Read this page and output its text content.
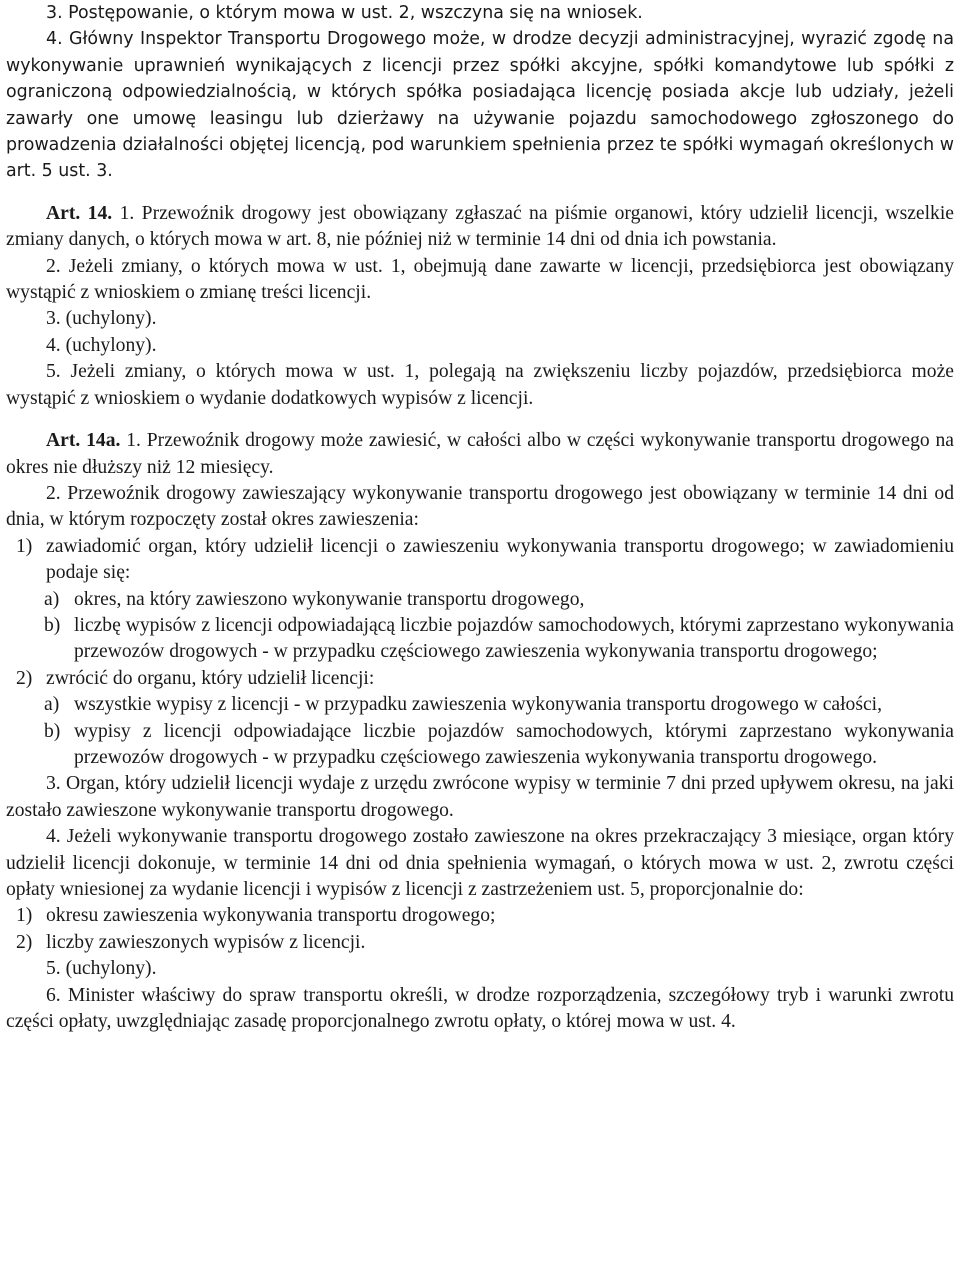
3. Postępowanie, o którym mowa w ust. 2, wszczyna się na wniosek.

4. Główny Inspektor Transportu Drogowego może, w drodze decyzji administracyjnej, wyrazić zgodę na wykonywanie uprawnień wynikających z licencji przez spółki akcyjne, spółki komandytowe lub spółki z ograniczoną odpowiedzialnością, w których spółka posiadająca licencję posiada akcje lub udziały, jeżeli zawarły one umowę leasingu lub dzierżawy na używanie pojazdu samochodowego zgłoszonego do prowadzenia działalności objętej licencją, pod warunkiem spełnienia przez te spółki wymagań określonych w art. 5 ust. 3.

Art. 14. 1. Przewoźnik drogowy jest obowiązany zgłaszać na piśmie organowi, który udzielił licencji, wszelkie zmiany danych, o których mowa w art. 8, nie później niż w terminie 14 dni od dnia ich powstania.

2. Jeżeli zmiany, o których mowa w ust. 1, obejmują dane zawarte w licencji, przedsiębiorca jest obowiązany wystąpić z wnioskiem o zmianę treści licencji.

3. (uchylony).

4. (uchylony).

5. Jeżeli zmiany, o których mowa w ust. 1, polegają na zwiększeniu liczby pojazdów, przedsiębiorca może wystąpić z wnioskiem o wydanie dodatkowych wypisów z licencji.

Art. 14a. 1. Przewoźnik drogowy może zawiesić, w całości albo w części wykonywanie transportu drogowego na okres nie dłuższy niż 12 miesięcy.

2. Przewoźnik drogowy zawieszający wykonywanie transportu drogowego jest obowiązany w terminie 14 dni od dnia, w którym rozpoczęty został okres zawieszenia:

1) zawiadomić organ, który udzielił licencji o zawieszeniu wykonywania transportu drogowego; w zawiadomieniu podaje się:
a) okres, na który zawieszono wykonywanie transportu drogowego,
b) liczbę wypisów z licencji odpowiadającą liczbie pojazdów samochodowych, którymi zaprzestano wykonywania przewozów drogowych - w przypadku częściowego zawieszenia wykonywania transportu drogowego;
2) zwrócić do organu, który udzielił licencji:
a) wszystkie wypisy z licencji - w przypadku zawieszenia wykonywania transportu drogowego w całości,
b) wypisy z licencji odpowiadające liczbie pojazdów samochodowych, którymi zaprzestano wykonywania przewozów drogowych - w przypadku częściowego zawieszenia wykonywania transportu drogowego.

3. Organ, który udzielił licencji wydaje z urzędu zwrócone wypisy w terminie 7 dni przed upływem okresu, na jaki zostało zawieszone wykonywanie transportu drogowego.

4. Jeżeli wykonywanie transportu drogowego zostało zawieszone na okres przekraczający 3 miesiące, organ który udzielił licencji dokonuje, w terminie 14 dni od dnia spełnienia wymagań, o których mowa w ust. 2, zwrotu części opłaty wniesionej za wydanie licencji i wypisów z licencji z zastrzeżeniem ust. 5, proporcjonalnie do:

1) okresu zawieszenia wykonywania transportu drogowego;
2) liczby zawieszonych wypisów z licencji.

5. (uchylony).

6. Minister właściwy do spraw transportu określi, w drodze rozporządzenia, szczegółowy tryb i warunki zwrotu części opłaty, uwzględniając zasadę proporcjonalnego zwrotu opłaty, o której mowa w ust. 4.
